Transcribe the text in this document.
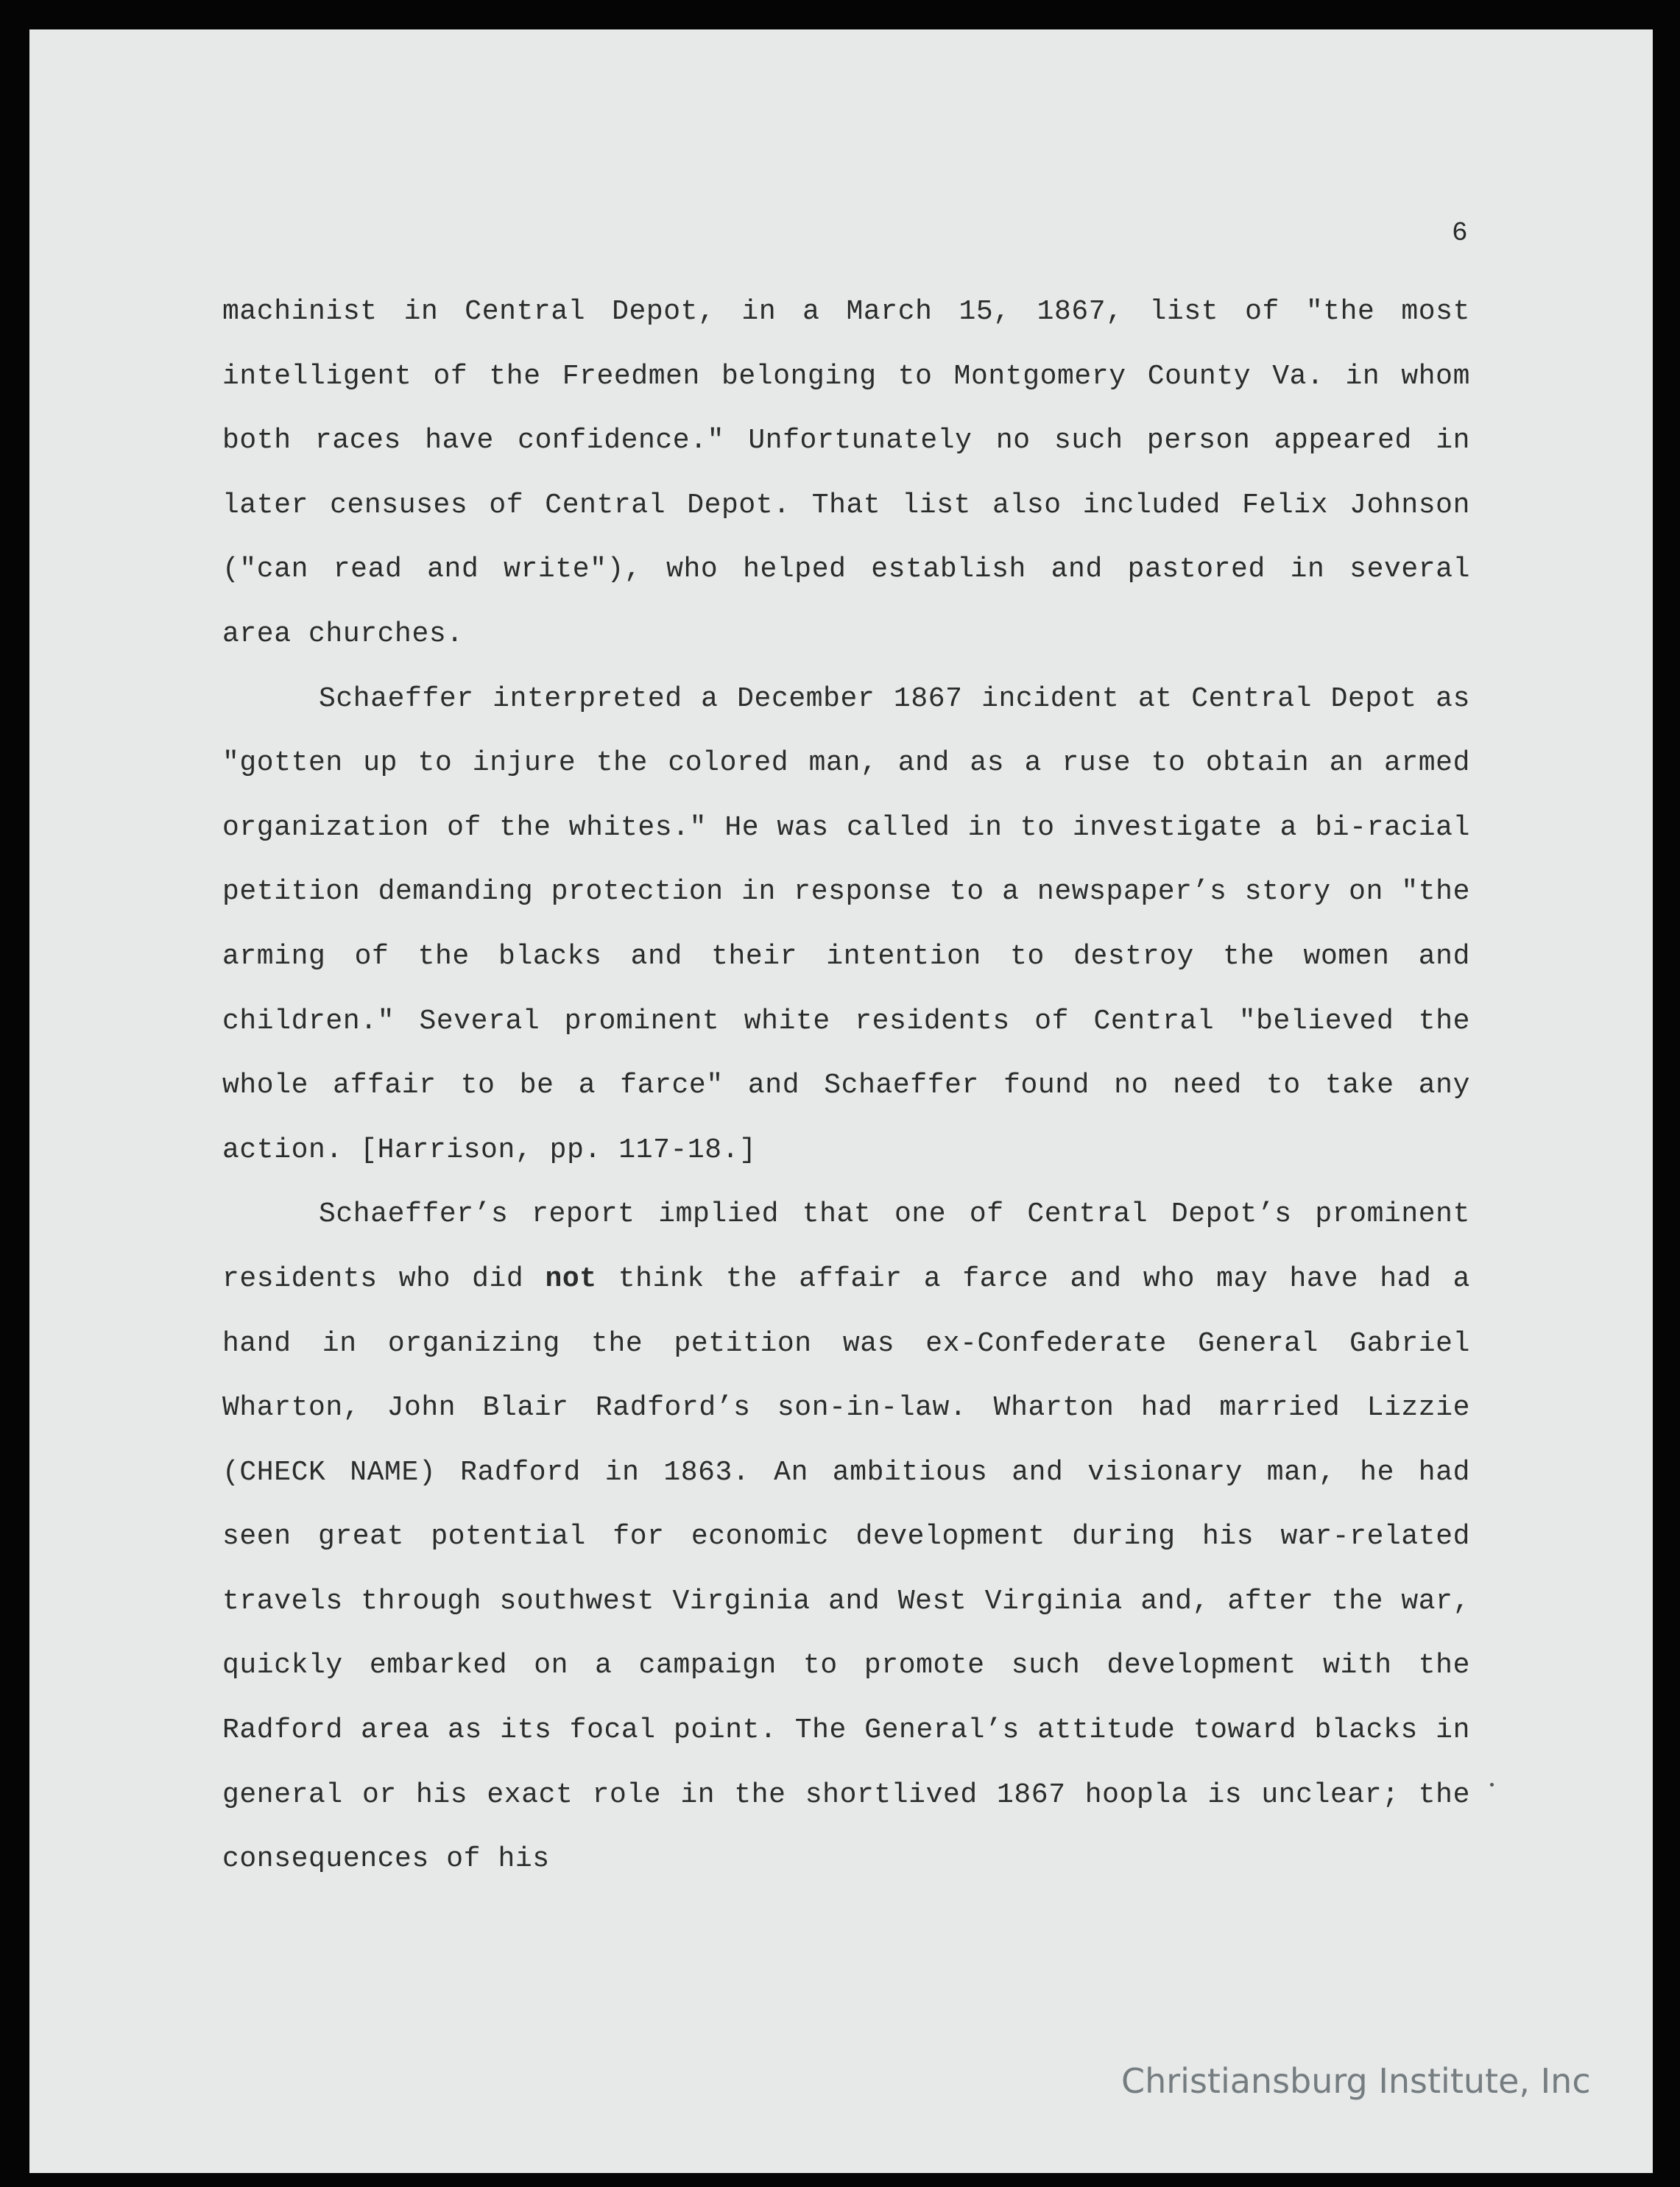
6

machinist in Central Depot, in a March 15, 1867, list of "the most intelligent of the Freedmen belonging to Montgomery County Va. in whom both races have confidence." Unfortunately no such person appeared in later censuses of Central Depot. That list also included Felix Johnson ("can read and write"), who helped establish and pastored in several area churches.

Schaeffer interpreted a December 1867 incident at Central Depot as "gotten up to injure the colored man, and as a ruse to obtain an armed organization of the whites." He was called in to investigate a bi-racial petition demanding protection in response to a newspaper’s story on "the arming of the blacks and their intention to destroy the women and children." Several prominent white residents of Central "believed the whole affair to be a farce" and Schaeffer found no need to take any action. [Harrison, pp. 117-18.]

Schaeffer’s report implied that one of Central Depot’s prominent residents who did not think the affair a farce and who may have had a hand in organizing the petition was ex-Confederate General Gabriel Wharton, John Blair Radford’s son-in-law. Wharton had married Lizzie (CHECK NAME) Radford in 1863. An ambitious and visionary man, he had seen great potential for economic development during his war-related travels through southwest Virginia and West Virginia and, after the war, quickly embarked on a campaign to promote such development with the Radford area as its focal point. The General’s attitude toward blacks in general or his exact role in the shortlived 1867 hoopla is unclear; the consequences of his

Christiansburg Institute, Inc
